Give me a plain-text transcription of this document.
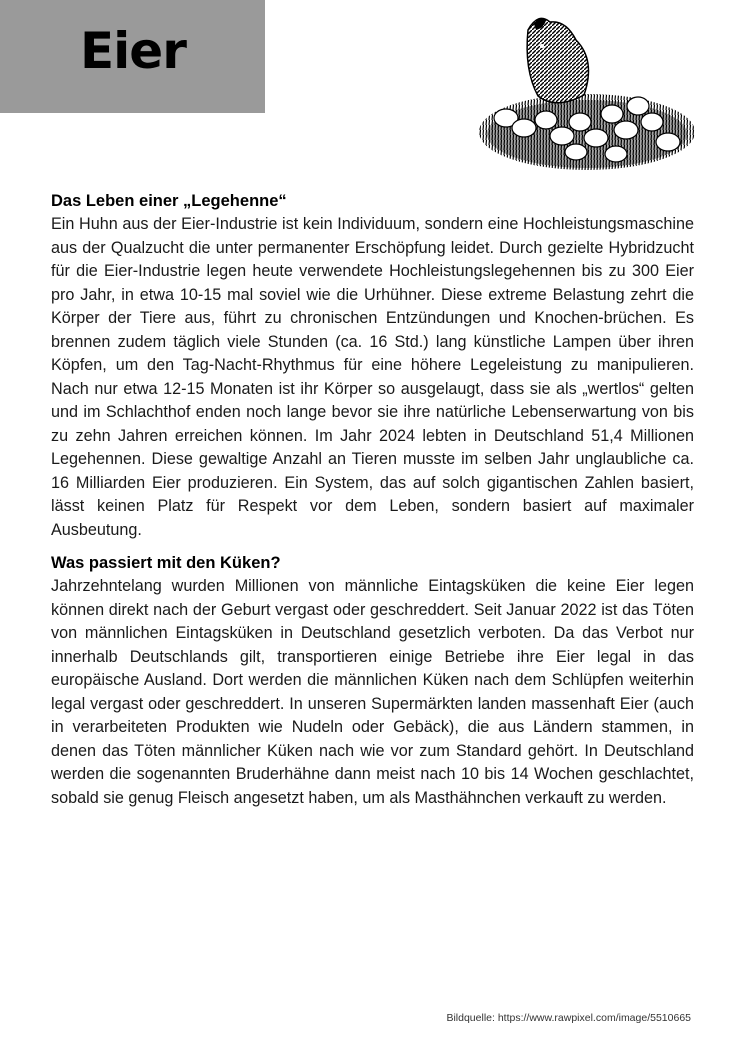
Eier
Das Leben einer „Legehenne“

Ein Huhn aus der Eier-Industrie ist kein Individuum, sondern eine Hochleistungsmaschine aus der Qualzucht die unter permanenter Erschöpfung leidet. Durch gezielte Hybridzucht für die Eier-Industrie legen heute verwendete Hochleistungslegehennen bis zu 300 Eier pro Jahr, in etwa 10-15 mal soviel wie die Urhühner. Diese extreme Belastung zehrt die Körper der Tiere aus, führt zu chronischen Entzündungen und Knochen-brüchen. Es brennen zudem täglich viele Stunden (ca. 16 Std.) lang künstliche Lampen über ihren Köpfen, um den Tag-Nacht-Rhythmus für eine höhere Legeleistung zu manipulieren. Nach nur etwa 12-15 Monaten ist ihr Körper so ausgelaugt, dass sie als „wertlos“ gelten und im Schlachthof enden noch lange bevor sie ihre natürliche Lebenserwartung von bis zu zehn Jahren erreichen können. Im Jahr 2024 lebten in Deutschland 51,4 Millionen Legehennen. Diese gewaltige Anzahl an Tieren musste im selben Jahr unglaubliche ca. 16 Milliarden Eier produzieren. Ein System, das auf solch gigantischen Zahlen basiert, lässt keinen Platz für Respekt vor dem Leben, sondern basiert auf maximaler Ausbeutung.

Was passiert mit den Küken?

Jahrzehntelang wurden Millionen von männliche Eintagsküken die keine Eier legen können direkt nach der Geburt vergast oder geschreddert. Seit Januar 2022 ist das Töten von männlichen Eintagsküken in Deutschland gesetzlich verboten. Da das Verbot nur innerhalb Deutschlands gilt, transportieren einige Betriebe ihre Eier legal in das europäische Ausland. Dort werden die männlichen Küken nach dem Schlüpfen weiterhin legal vergast oder geschreddert. In unseren Supermärkten landen massenhaft Eier (auch in verarbeiteten Produkten wie Nudeln oder Gebäck), die aus Ländern stammen, in denen das Töten männlicher Küken nach wie vor zum Standard gehört. In Deutschland werden die sogenannten Bruderhähne dann meist nach 10 bis 14 Wochen geschlachtet, sobald sie genug Fleisch angesetzt haben, um als Masthähnchen verkauft zu werden.

Bildquelle: https://www.rawpixel.com/image/5510665
